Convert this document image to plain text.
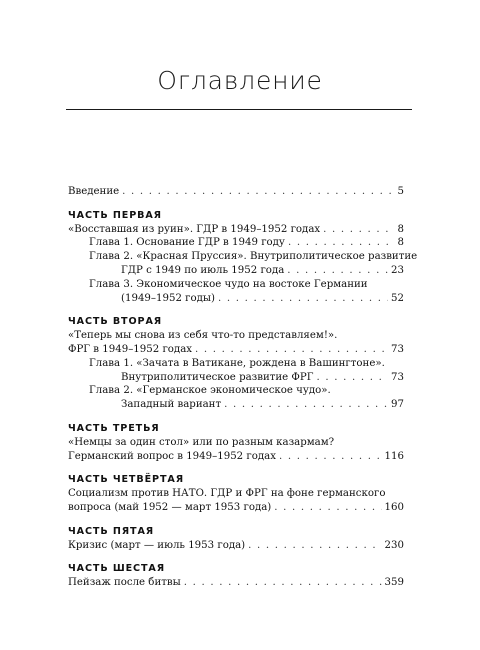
Оглавление
Введение . . .	5
ЧАСТЬ ПЕРВАЯ
«Восставшая из руин». ГДР в 1949–1952 годах . . .	8
Глава 1. Основание ГДР в 1949 году . . .	8
Глава 2. «Красная Пруссия». Внутриполитическое развитие
ГДР с 1949 по июль 1952 года . . .	23
Глава 3. Экономическое чудо на востоке Германии
(1949–1952 годы) . . .	52
ЧАСТЬ ВТОРАЯ
«Теперь мы снова из себя что-то представляем!».
ФРГ в 1949–1952 годах . . .	73
Глава 1. «Зачата в Ватикане, рождена в Вашингтоне».
Внутриполитическое развитие ФРГ . . .	73
Глава 2. «Германское экономическое чудо».
Западный вариант . . .	97
ЧАСТЬ ТРЕТЬЯ
«Немцы за один стол» или по разным казармам?
Германский вопрос в 1949–1952 годах . . .	116
ЧАСТЬ ЧЕТВЁРТАЯ
Социализм против НАТО. ГДР и ФРГ на фоне германского
вопроса (май 1952 — март 1953 года) . . .	160
ЧАСТЬ ПЯТАЯ
Кризис (март — июль 1953 года) . . .	230
ЧАСТЬ ШЕСТАЯ
Пейзаж после битвы . . .	359
